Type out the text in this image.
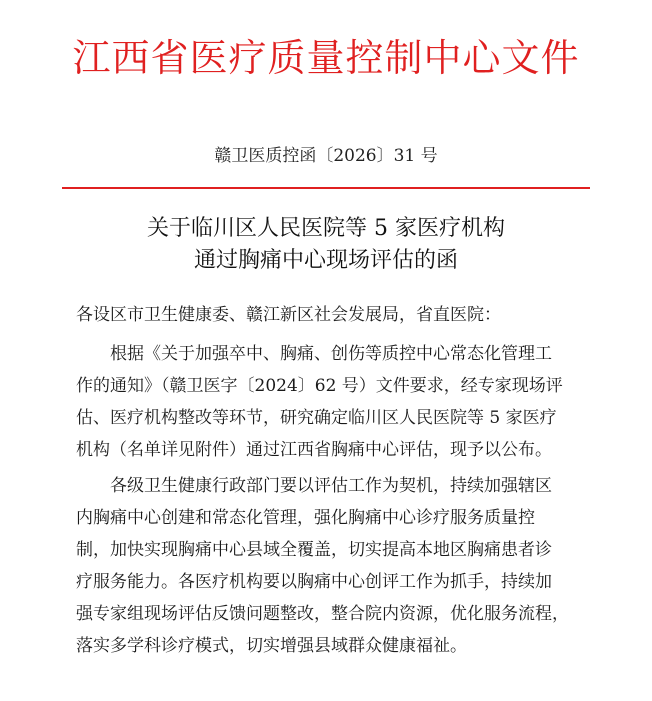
江西省医疗质量控制中心文件
赣卫医质控函〔2026〕31 号
关于临川区人民医院等 5 家医疗机构
通过胸痛中心现场评估的函
各设区市卫生健康委、赣江新区社会发展局，省直医院：
根据《关于加强卒中、胸痛、创伤等质控中心常态化管理工
作的通知》（赣卫医字〔2024〕62 号）文件要求，经专家现场评
估、医疗机构整改等环节，研究确定临川区人民医院等 5 家医疗
机构（名单详见附件）通过江西省胸痛中心评估，现予以公布。
各级卫生健康行政部门要以评估工作为契机，持续加强辖区
内胸痛中心创建和常态化管理，强化胸痛中心诊疗服务质量控
制，加快实现胸痛中心县域全覆盖，切实提高本地区胸痛患者诊
疗服务能力。各医疗机构要以胸痛中心创评工作为抓手，持续加
强专家组现场评估反馈问题整改，整合院内资源，优化服务流程，
落实多学科诊疗模式，切实增强县域群众健康福祉。
